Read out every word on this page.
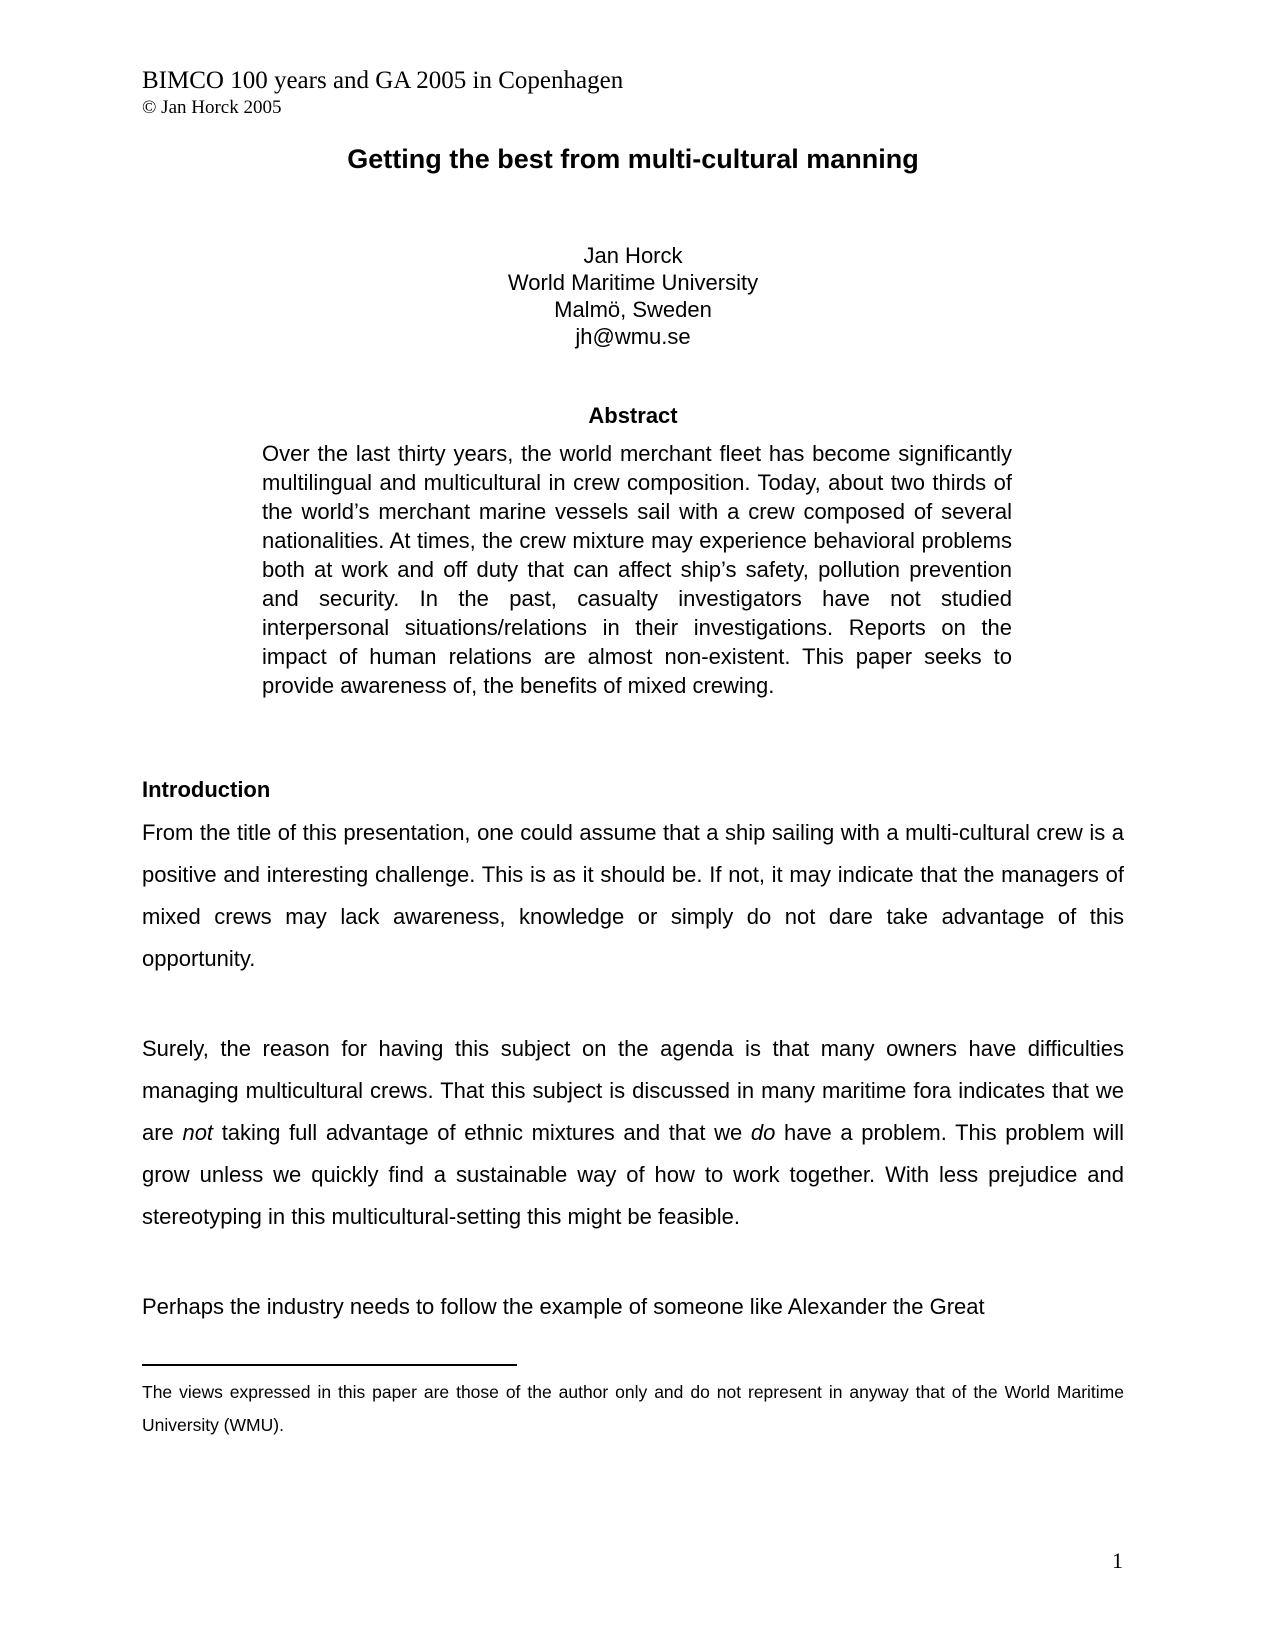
BIMCO 100 years and GA 2005 in Copenhagen
© Jan Horck 2005
Getting the best from multi-cultural manning
Jan Horck
World Maritime University
Malmö, Sweden
jh@wmu.se
Abstract

Over the last thirty years, the world merchant fleet has become significantly multilingual and multicultural in crew composition. Today, about two thirds of the world’s merchant marine vessels sail with a crew composed of several nationalities. At times, the crew mixture may experience behavioral problems both at work and off duty that can affect ship’s safety, pollution prevention and security. In the past, casualty investigators have not studied interpersonal situations/relations in their investigations. Reports on the impact of human relations are almost non-existent. This paper seeks to provide awareness of, the benefits of mixed crewing.

Introduction

From the title of this presentation, one could assume that a ship sailing with a multi-cultural crew is a positive and interesting challenge. This is as it should be. If not, it may indicate that the managers of mixed crews may lack awareness, knowledge or simply do not dare take advantage of this opportunity.

Surely, the reason for having this subject on the agenda is that many owners have difficulties managing multicultural crews. That this subject is discussed in many maritime fora indicates that we are not taking full advantage of ethnic mixtures and that we do have a problem. This problem will grow unless we quickly find a sustainable way of how to work together. With less prejudice and stereotyping in this multicultural-setting this might be feasible.

Perhaps the industry needs to follow the example of someone like Alexander the Great

The views expressed in this paper are those of the author only and do not represent in anyway that of the World Maritime University (WMU).

1
